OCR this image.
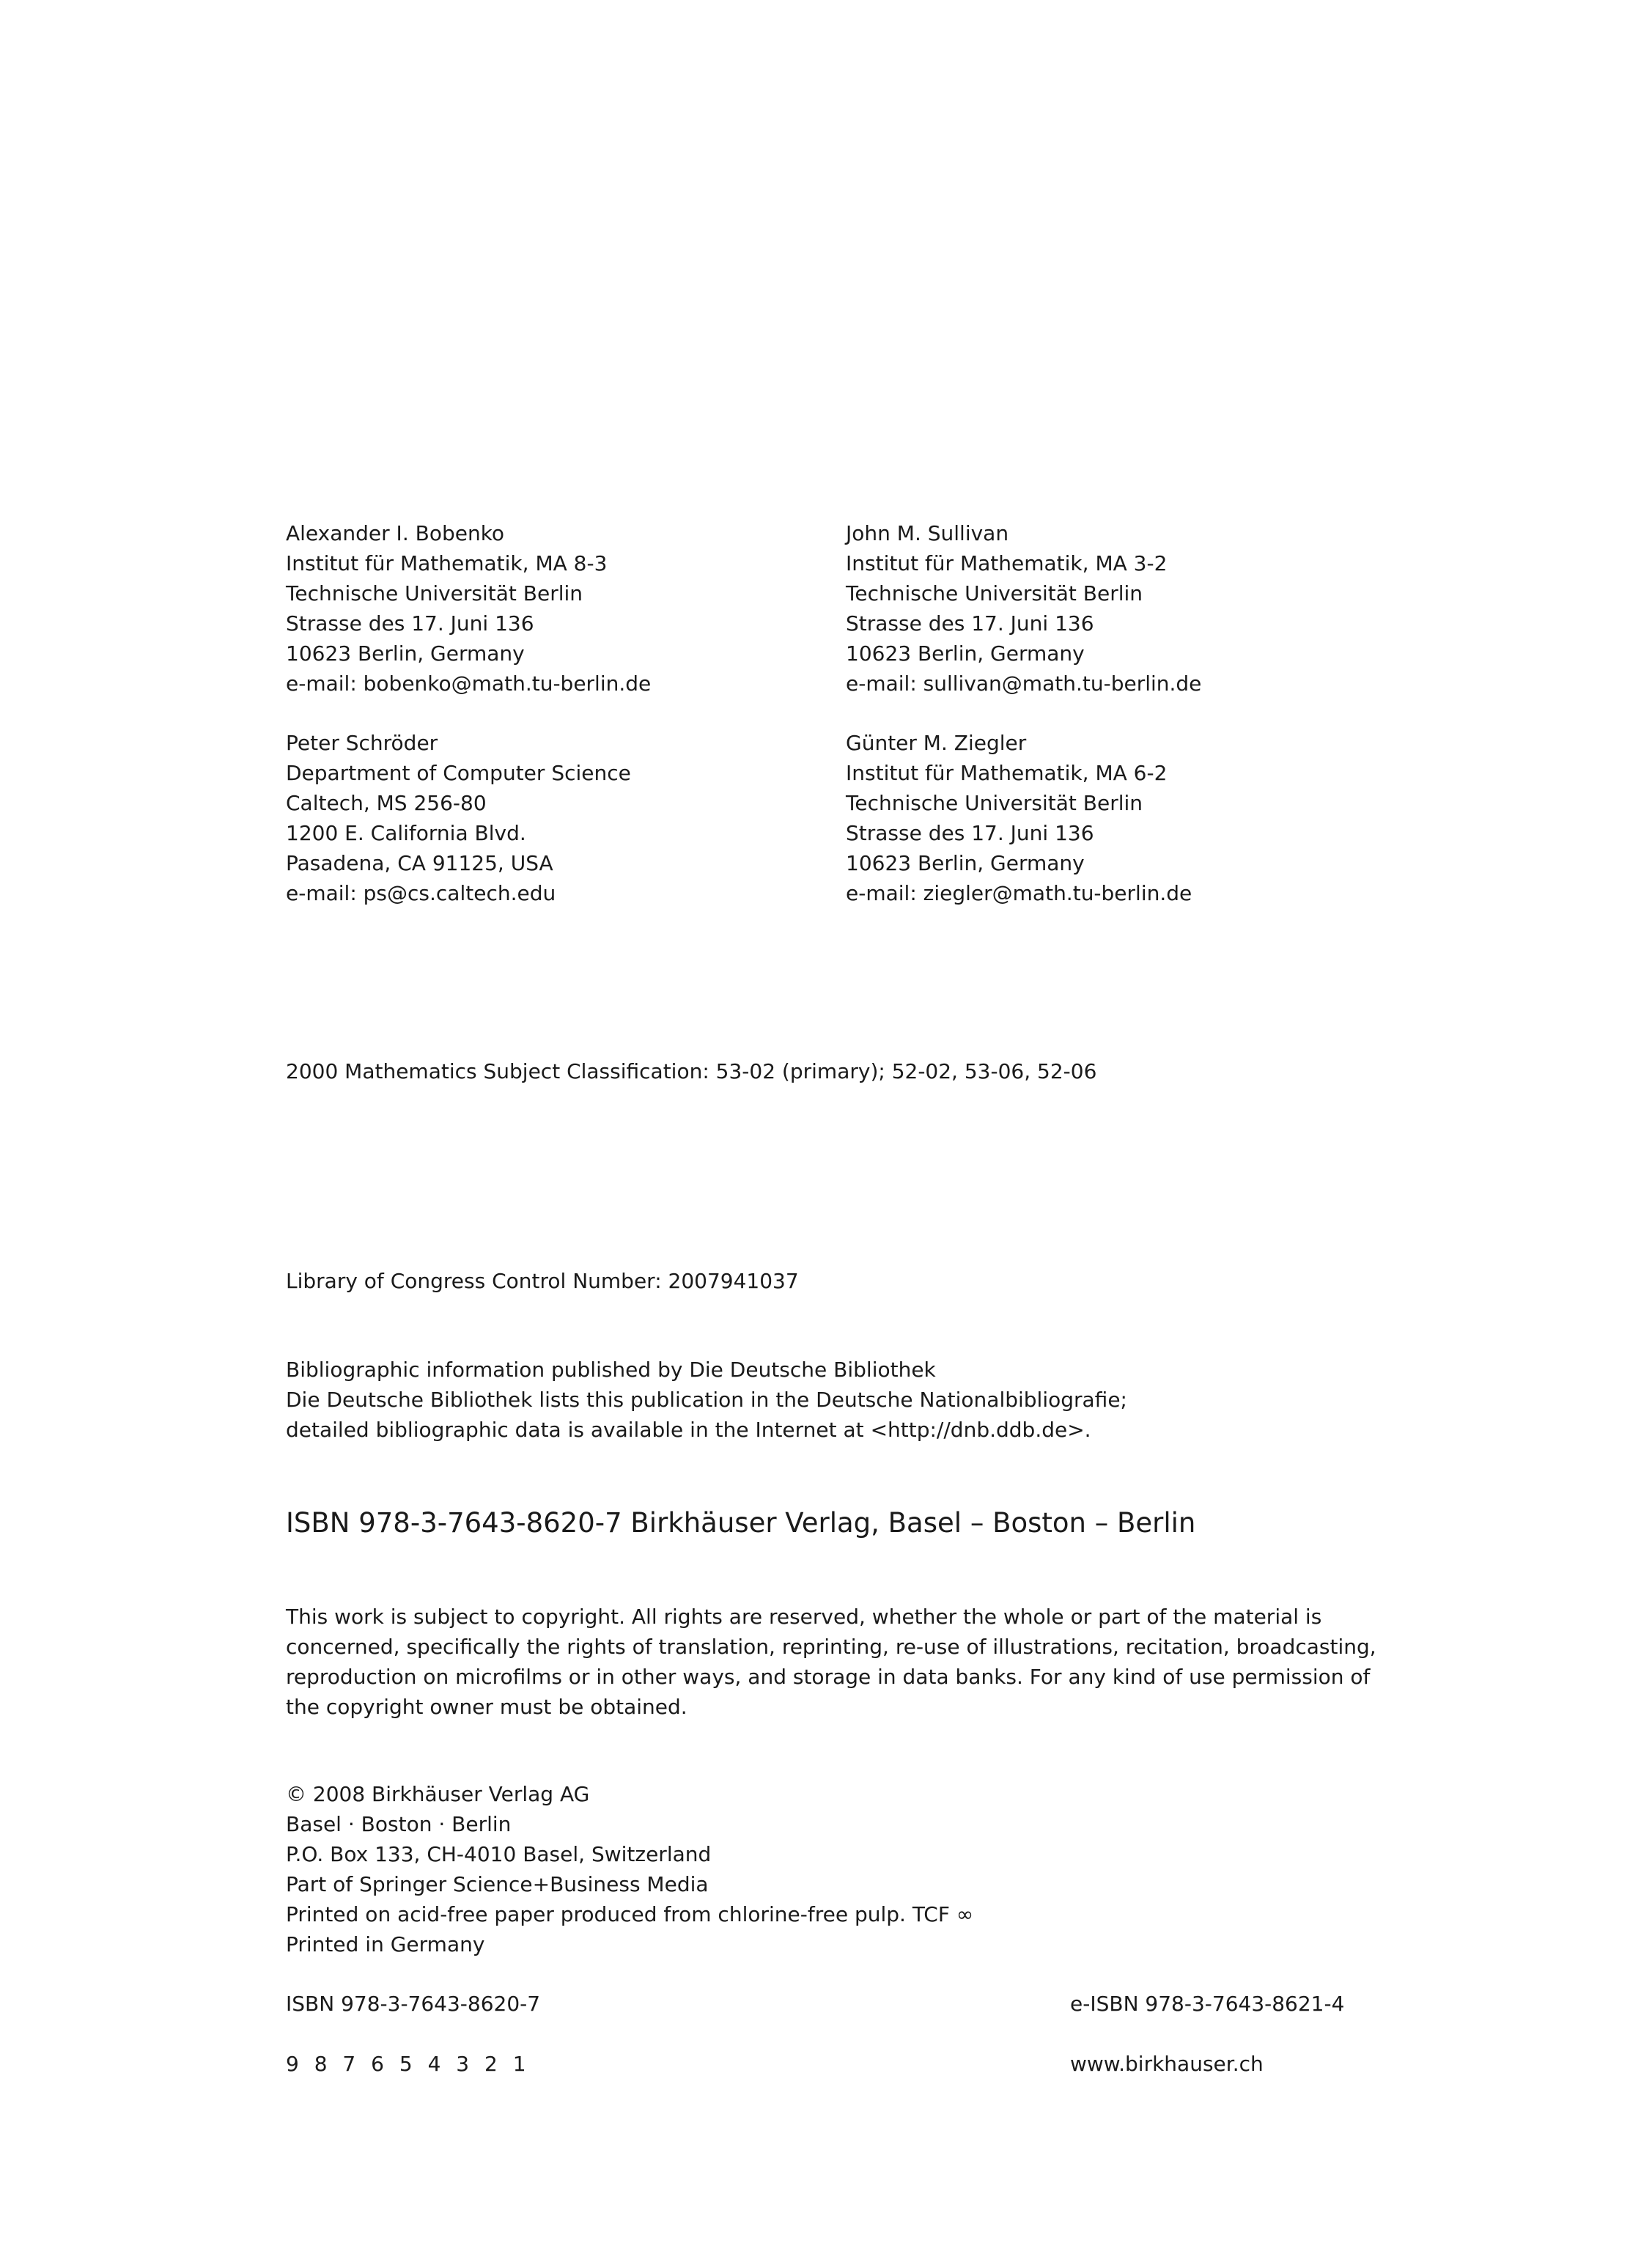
Alexander I. Bobenko
Institut für Mathematik, MA 8-3
Technische Universität Berlin
Strasse des 17. Juni 136
10623 Berlin, Germany
e-mail: bobenko@math.tu-berlin.de
John M. Sullivan
Institut für Mathematik, MA 3-2
Technische Universität Berlin
Strasse des 17. Juni 136
10623 Berlin, Germany
e-mail: sullivan@math.tu-berlin.de
Peter Schröder
Department of Computer Science
Caltech, MS 256-80
1200 E. California Blvd.
Pasadena, CA 91125, USA
e-mail: ps@cs.caltech.edu
Günter M. Ziegler
Institut für Mathematik, MA 6-2
Technische Universität Berlin
Strasse des 17. Juni 136
10623 Berlin, Germany
e-mail: ziegler@math.tu-berlin.de
2000 Mathematics Subject Classification: 53-02 (primary); 52-02, 53-06, 52-06
Library of Congress Control Number: 2007941037
Bibliographic information published by Die Deutsche Bibliothek
Die Deutsche Bibliothek lists this publication in the Deutsche Nationalbibliografie;
detailed bibliographic data is available in the Internet at <http://dnb.ddb.de>.
ISBN 978-3-7643-8620-7 Birkhäuser Verlag, Basel – Boston – Berlin
This work is subject to copyright. All rights are reserved, whether the whole or part of the material is concerned, specifically the rights of translation, reprinting, re-use of illustrations, recitation, broadcasting, reproduction on microfilms or in other ways, and storage in data banks. For any kind of use permission of the copyright owner must be obtained.
© 2008 Birkhäuser Verlag AG
Basel · Boston · Berlin
P.O. Box 133, CH-4010 Basel, Switzerland
Part of Springer Science+Business Media
Printed on acid-free paper produced from chlorine-free pulp. TCF ∞
Printed in Germany
ISBN 978-3-7643-8620-7	e-ISBN 978-3-7643-8621-4
9 8 7 6 5 4 3 2 1	www.birkhauser.ch
